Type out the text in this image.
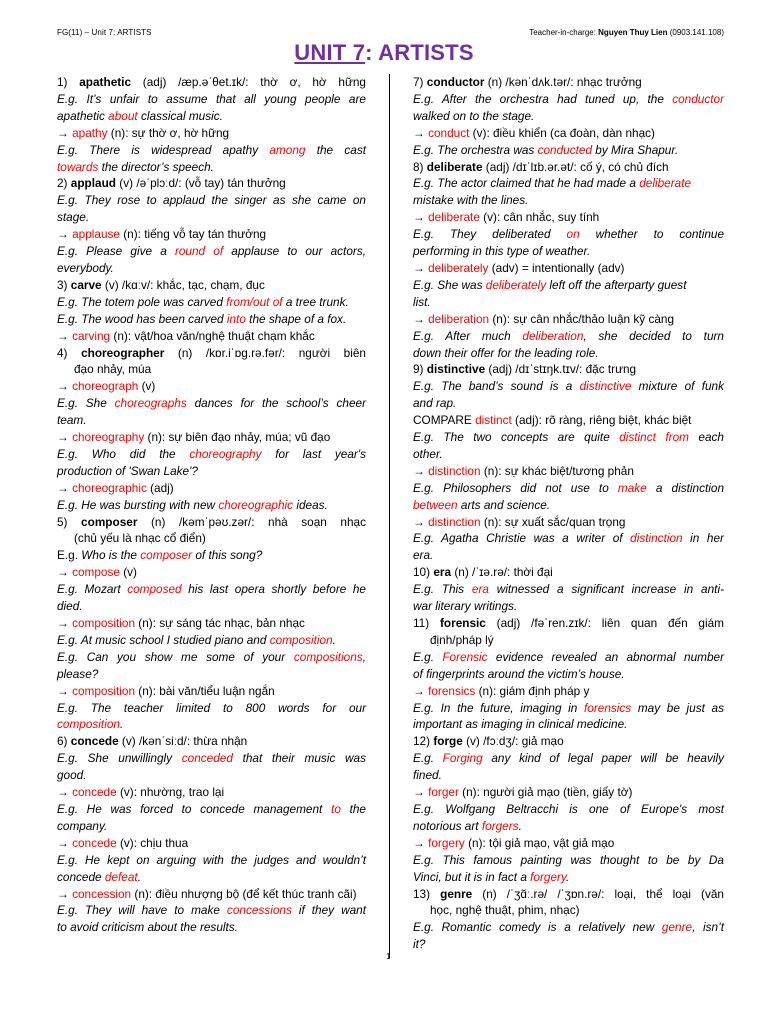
FG(11) – Unit 7: ARTISTS	Teacher-in-charge: Nguyen Thuy Lien (0903.141.108)
UNIT 7: ARTISTS
1) apathetic (adj) /æp.əˈθet.ɪk/: thờ ơ, hờ hững
E.g. It’s unfair to assume that all young people are
apathetic about classical music.
→ apathy (n): sự thờ ơ, hờ hững
E.g. There is widespread apathy among the cast
towards the director’s speech.
2) applaud (v) /əˈplɔːd/: (vỗ tay) tán thưởng
E.g. They rose to applaud the singer as she came on
stage.
→ applause (n): tiếng vỗ tay tán thưởng
E.g. Please give a round of applause to our actors,
everybody.
3) carve (v) /kɑːv/: khắc, tạc, chạm, đục
E.g. The totem pole was carved from/out of a tree trunk.
E.g. The wood has been carved into the shape of a fox.
→ carving (n): vật/hoa văn/nghệ thuật chạm khắc
4) choreographer (n) /kɒr.iˈɒg.rə.fər/: người biên
đạo nhảy, múa
→ choreograph (v)
E.g. She choreographs dances for the school’s cheer
team.
→ choreography (n): sự biên đạo nhảy, múa; vũ đạo
E.g. Who did the choreography for last year's
production of 'Swan Lake'?
→ choreographic (adj)
E.g. He was bursting with new choreographic ideas.
5) composer (n) /kəmˈpəʊ.zər/: nhà soạn nhạc
(chủ yếu là nhạc cổ điển)
E.g. Who is the composer of this song?
→ compose (v)
E.g. Mozart composed his last opera shortly before he
died.
→ composition (n): sự sáng tác nhạc, bản nhạc
E.g. At music school I studied piano and composition.
E.g. Can you show me some of your compositions,
please?
→ composition (n): bài văn/tiểu luận ngắn
E.g. The teacher limited to 800 words for our
composition.
6) concede (v) /kənˈsiːd/: thừa nhận
E.g. She unwillingly conceded that their music was
good.
→ concede (v): nhường, trao lại
E.g. He was forced to concede management to the
company.
→ concede (v): chịu thua
E.g. He kept on arguing with the judges and wouldn’t
concede defeat.
→ concession (n): điều nhượng bộ (để kết thúc tranh cãi)
E.g. They will have to make concessions if they want
to avoid criticism about the results.
7) conductor (n) /kənˈdʌk.tər/: nhạc trưởng
E.g. After the orchestra had tuned up, the conductor
walked on to the stage.
→ conduct (v): điều khiển (ca đoàn, dàn nhạc)
E.g. The orchestra was conducted by Mira Shapur.
8) deliberate (adj) /dɪˈlɪb.ər.ət/: cố ý, có chủ đích
E.g. The actor claimed that he had made a deliberate
mistake with the lines.
→ deliberate (v): cân nhắc, suy tính
E.g. They deliberated on whether to continue
performing in this type of weather.
→ deliberately (adv) = intentionally (adv)
E.g. She was deliberately left off the afterparty guest
list.
→ deliberation (n): sự cân nhắc/thảo luận kỹ càng
E.g. After much deliberation, she decided to turn
down their offer for the leading role.
9) distinctive (adj) /dɪˈstɪŋk.tɪv/: đặc trưng
E.g. The band’s sound is a distinctive mixture of funk
and rap.
COMPARE distinct (adj): rõ ràng, riêng biệt, khác biệt
E.g. The two concepts are quite distinct from each
other.
→ distinction (n): sự khác biệt/tương phản
E.g. Philosophers did not use to make a distinction
between arts and science.
→ distinction (n): sự xuất sắc/quan trọng
E.g. Agatha Christie was a writer of distinction in her
era.
10) era (n) /ˈɪə.rə/: thời đại
E.g. This era witnessed a significant increase in anti-
war literary writings.
11) forensic (adj) /fəˈren.zɪk/: liên quan đến giám
định/pháp lý
E.g. Forensic evidence revealed an abnormal number
of fingerprints around the victim’s house.
→ forensics (n): giám định pháp y
E.g. In the future, imaging in forensics may be just as
important as imaging in clinical medicine.
12) forge (v) /fɔːdʒ/: giả mạo
E.g. Forging any kind of legal paper will be heavily
fined.
→ forger (n): người giả mạo (tiền, giấy tờ)
E.g. Wolfgang Beltracchi is one of Europe's most
notorious art forgers.
→ forgery (n): tội giả mạo, vật giả mạo
E.g. This famous painting was thought to be by Da
Vinci, but it is in fact a forgery.
13) genre (n) /ˈʒɑ̃ː.rə/ /ˈʒɒn.rə/: loại, thể loại (văn
học, nghệ thuật, phim, nhạc)
E.g. Romantic comedy is a relatively new genre, isn’t
it?
1
